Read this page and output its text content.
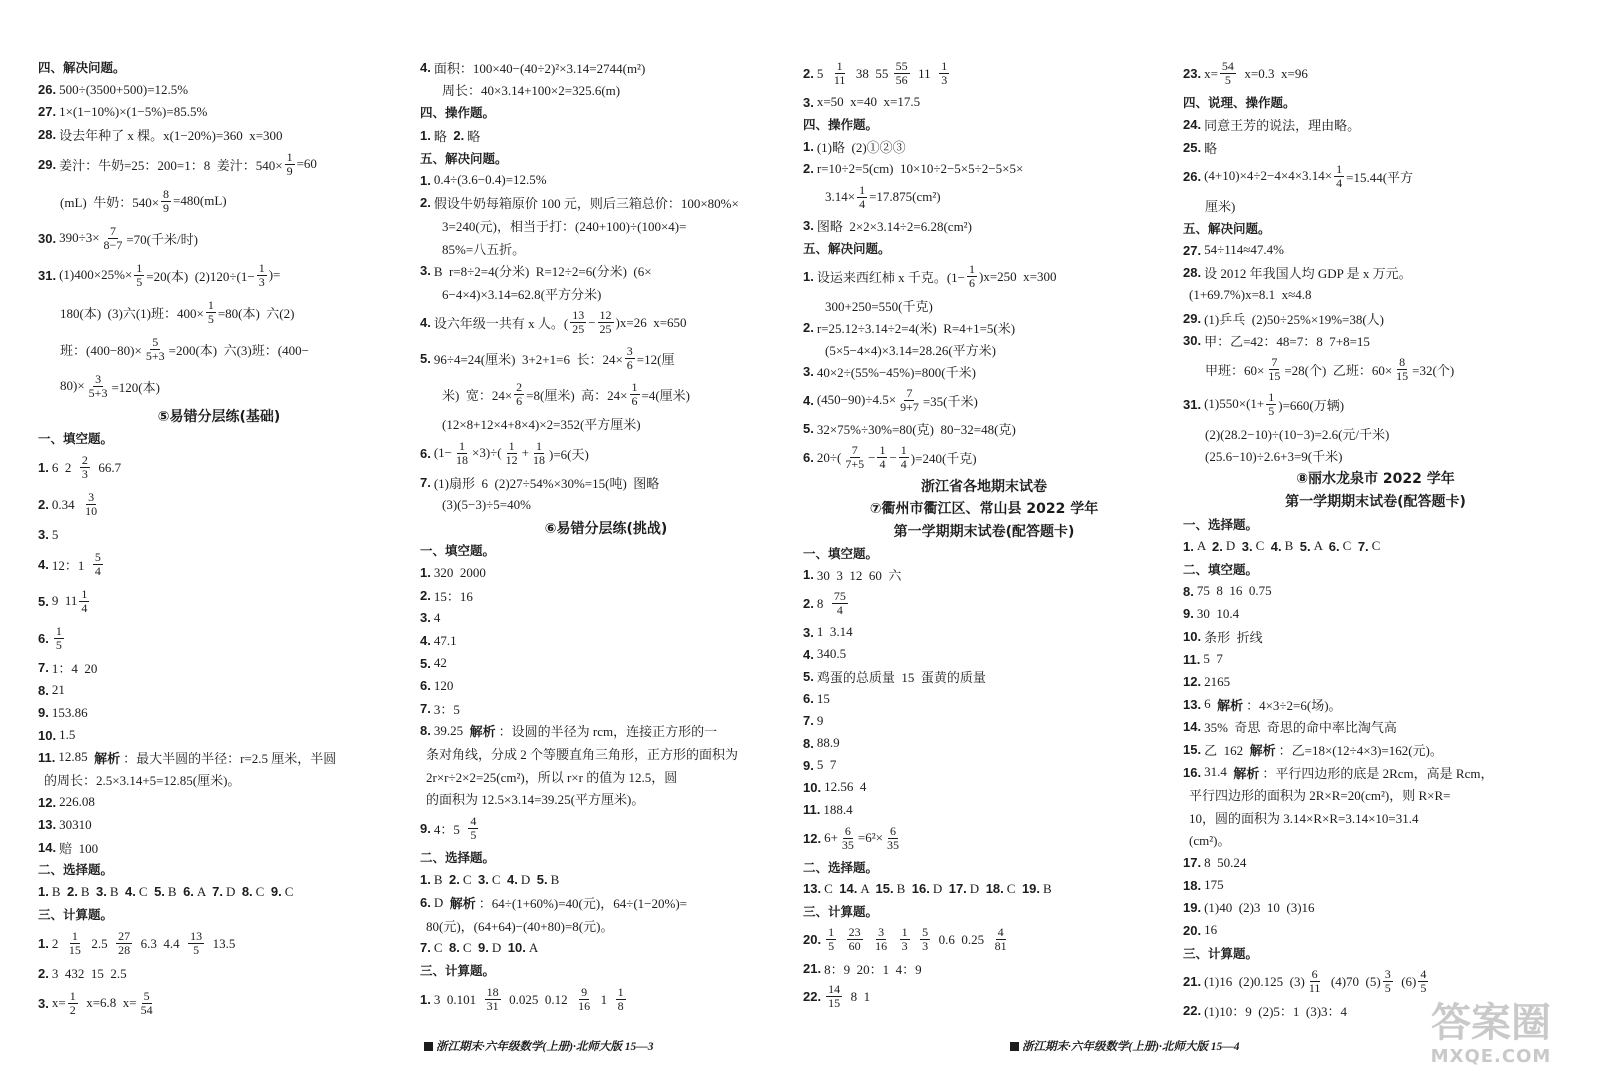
四、解决问题。
26. 500÷(3500+500)=12.5%
27. 1×(1−10%)×(1−5%)=85.5%
28. 设去年种了 x 棵。x(1−20%)=360  x=300
29. 姜汁：牛奶=25：200=1：8  姜汁：$540\times \frac{1}{9} =60$
(mL)  牛奶：$540\times \frac{8}{9} =480(mL)$
30. $390\div 3\times \frac{7}{8-7} =70$(千米/时)
31. $(1)400\times 25\%\times \frac{1}{5} =20$(本)  $(2)120\div(1- \frac{1}{3}$ )=
180(本)  (3)六(1)班：$400\times \frac{1}{5} =80$(本)  六(2)
班：$(400-80)\times \frac{5}{5+3} =200$(本)  六(3)班：(400−
$80)\times \frac{3}{5+3} =120$(本)
⑤易错分层练(基础)
一、填空题。
1. 6  $2 \frac{2}{3} 66.7$
2. $0.34 \frac{3}{10}$
3. 5
4. 12：$1 \frac{5}{4}$
5. 9 $11 \frac{1}{4}$
6. $\frac{1}{5}$
7. 1：4  20
8. 21
9. 153.86
10. 1.5
11. 12.85 解析 ：最大半圆的半径：r=2.5 厘米，半圆
的周长：2.5×3.14+5=12.85(厘米)。
12. 226.08
13. 30310
14. 赔  100
二、选择题。
1. B 2. B 3. B 4. C 5. B 6. A 7. D 8. C 9. C
三、计算题。
1. $2 \frac{1}{15} 2.5 \frac{27}{28} 6.3$  $4.4 \frac{13}{5} 13.5$
2. 3  432  15  2.5
3. $x= \frac{1}{2} x=6.8$  $x= \frac{5}{54}$
4. 面积：100×40−(40÷2)²×3.14=2744(m²)
周长：40×3.14+100×2=325.6(m)
四、操作题。
1. 略 2. 略
五、解决问题。
1. 0.4÷(3.6−0.4)=12.5%
2. 假设牛奶每箱原价 100 元，则后三箱总价：100×80%×
3=240(元)，相当于打：(240+100)÷(100×4)=
85%=八五折。
3. B  r=8÷2=4(分米)  R=12÷2=6(分米)  (6×
6−4×4)×3.14=62.8(平方分米)
4. 设六年级一共有 x 人。( $\frac{13}{25} - \frac{12}{25} )x=26$  x=650
5. 96÷4=24(厘米)  3+2+1=6  长：$24\times \frac{3}{6} =12$(厘
米)  宽：$24\times \frac{2}{6} =8$(厘米)  高：$24\times \frac{1}{6} =4$(厘米)
(12×8+12×4+8×4)×2=352(平方厘米)
6. $(1- \frac{1}{18} \times 3)\div( \frac{1}{12} + \frac{1}{18} )=6$(天)
7. (1)扇形  6  (2)27÷54%×30%=15(吨)  图略
(3)(5−3)÷5=40%
⑥易错分层练(挑战)
一、填空题。
1. 320  2000
2. 15：16
3. 4
4. 47.1
5. 42
6. 120
7. 3：5
8. 39.25 解析 ：设圆的半径为 rcm，连接正方形的一
条对角线，分成 2 个等腰直角三角形，正方形的面积为
2r×r÷2×2=25(cm²)，所以 r×r 的值为 12.5，圆
的面积为 12.5×3.14=39.25(平方厘米)。
9. 4：$5 \frac{4}{5}$
二、选择题。
1. B 2. C 3. C 4. D 5. B
6. D 解析 ：64÷(1+60%)=40(元)，64÷(1−20%)=
80(元)，(64+64)−(40+80)=8(元)。
7. C 8. C 9. D 10. A
三、计算题。
1. 3  $0.101 \frac{18}{31} 0.025$  $0.12 \frac{9}{16} 1 \frac{1}{8}$
2. $5 \frac{1}{11} 38$  $55 \frac{55}{56} 11 \frac{1}{3}$
3. x=50  x=40  x=17.5
四、操作题。
1. (1)略  (2)①②③
2. r=10÷2=5(cm)  10×10÷2−5×5÷2−5×5×
$3.14\times \frac{1}{4} =17.875(cm^2)$
3. 图略  2×2×3.14÷2=6.28(cm²)
五、解决问题。
1. 设运来西红柿 x 千克。$(1- \frac{1}{6} )x=250$  x=300
300+250=550(千克)
2. r=25.12÷3.14÷2=4(米)  R=4+1=5(米)
(5×5−4×4)×3.14=28.26(平方米)
3. 40×2÷(55%−45%)=800(千米)
4. $(450-90)\div 4.5\times \frac{7}{9+7} =35$(千米)
5. 32×75%÷30%=80(克)  80−32=48(克)
6. $20\div( \frac{7}{7+5} - \frac{1}{4} - \frac{1}{4} )=240$(千克)
浙江省各地期末试卷
⑦衢州市衢江区、常山县 2022 学年
第一学期期末试卷(配答题卡)
一、填空题。
1. 30  3  12  60  六
2. $8 \frac{75}{4}$
3. 1  3.14
4. 340.5
5. 鸡蛋的总质量  15  蛋黄的质量
6. 15
7. 9
8. 88.9
9. 5  7
10. 12.56  4
11. 188.4
12. $6+ \frac{6}{35} =6^2\times \frac{6}{35}$
二、选择题。
13. C 14. A 15. B 16. D 17. D 18. C 19. B
三、计算题。
20. $\frac{1}{5}$
$\frac{23}{60}$
$\frac{3}{16}$
$\frac{1}{3}$
$\frac{5}{3} 0.6$  $0.25 \frac{4}{81}$
21. 8：9  20：1  4：9
22. $\frac{14}{15} 8$  1
23. $x= \frac{54}{5} x=0.3$  x=96
四、说理、操作题。
24. 同意王芳的说法，理由略。
25. 略
26. $(4+10)\times 4\div 2-4\times 4\times 3.14\times \frac{1}{4} =15.44$(平方
厘米)
五、解决问题。
27. 54÷114≈47.4%
28. 设 2012 年我国人均 GDP 是 x 万元。
(1+69.7%)x=8.1  x≈4.8
29. (1)乒乓  (2)50÷25%×19%=38(人)
30. 甲：乙=42：48=7：8  7+8=15
甲班：$60\times \frac{7}{15} =28$(个)  乙班：$60\times \frac{8}{15} =32$(个)
31. $(1)550\times(1+ \frac{1}{5} )=660$(万辆)
(2)(28.2−10)÷(10−3)=2.6(元/千米)
(25.6−10)÷2.6+3=9(千米)
⑧丽水龙泉市 2022 学年
第一学期期末试卷(配答题卡)
一、选择题。
1. A 2. D 3. C 4. B 5. A 6. C 7. C
二、填空题。
8. 75  8  16  0.75
9. 30  10.4
10. 条形  折线
11. 5  7
12. 2165
13. 6 解析 ：4×3÷2=6(场)。
14. 35%  奇思  奇思的命中率比淘气高
15. 乙  162 解析 ：乙=18×(12÷4×3)=162(元)。
16. 31.4 解析 ：平行四边形的底是 2Rcm，高是 Rcm，
平行四边形的面积为 2R×R=20(cm²)，则 R×R=
10，圆的面积为 3.14×R×R=3.14×10=31.4
(cm²)。
17. 8  50.24
18. 175
19. (1)40  (2)3  10  (3)16
20. 16
三、计算题。
21. (1)16  (2)0.125  $(3) \frac{6}{11} (4)70$  $(5) \frac{3}{5} (6) \frac{4}{5}$
22. (1)10：9  (2)5：1  (3)3：4
浙江期末·六年级数学(上册)·北师大版 15—3	浙江期末·六年级数学(上册)·北师大版 15—4
答案圈
MXQE.COM
